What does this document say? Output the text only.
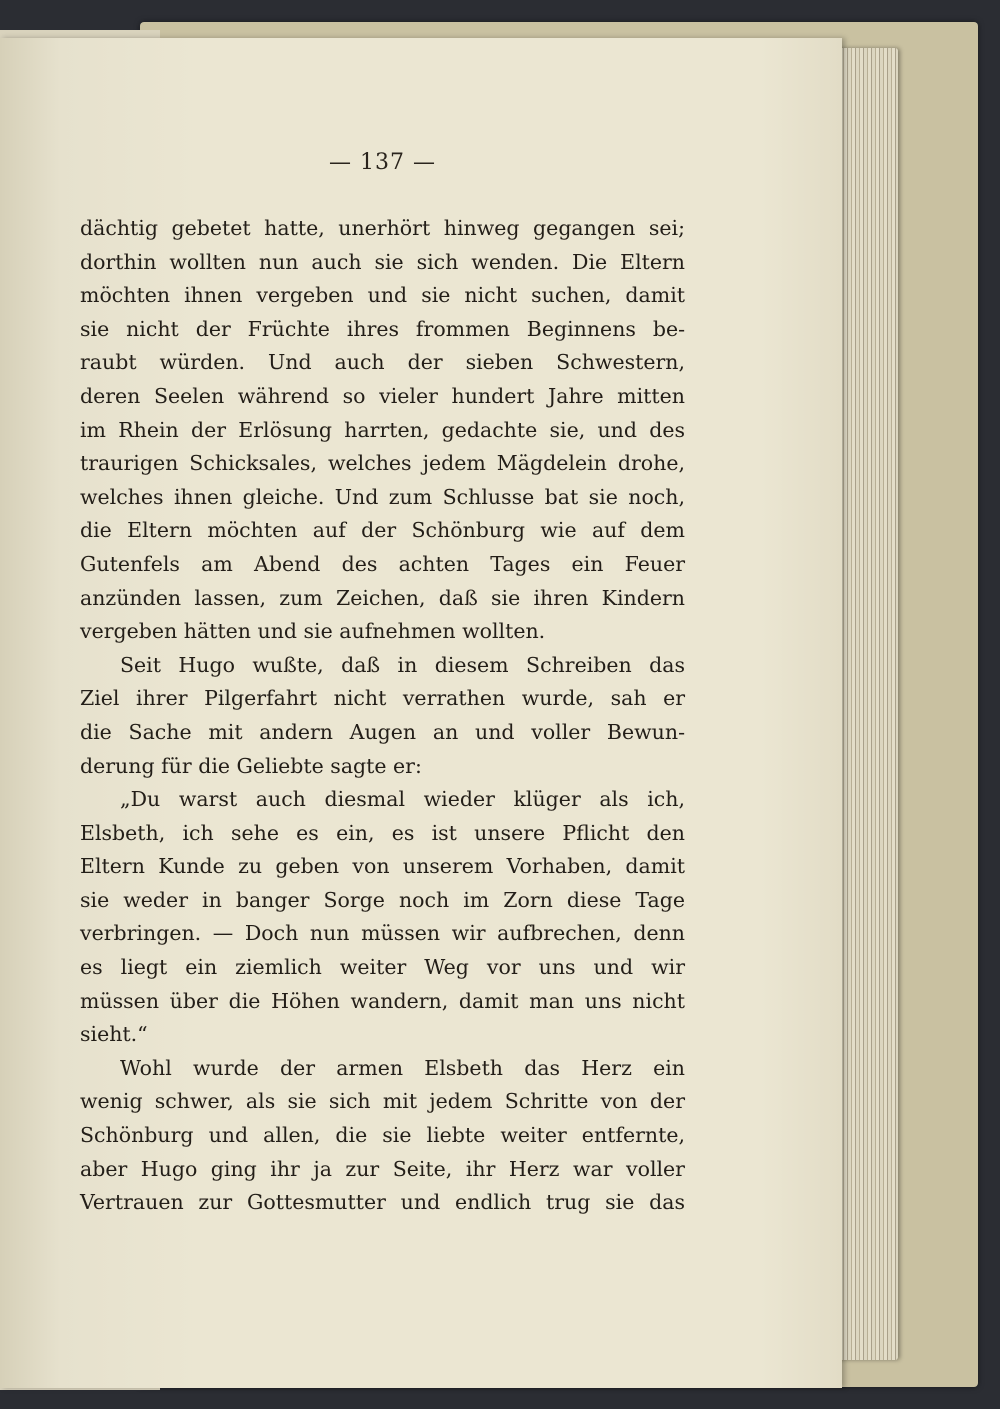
— 137 —
dächtig gebetet hatte, unerhört hinweg gegangen sei;
dorthin wollten nun auch sie sich wenden. Die Eltern
möchten ihnen vergeben und sie nicht suchen, damit
sie nicht der Früchte ihres frommen Beginnens be-
raubt würden. Und auch der sieben Schwestern,
deren Seelen während so vieler hundert Jahre mitten
im Rhein der Erlösung harrten, gedachte sie, und des
traurigen Schicksales, welches jedem Mägdelein drohe,
welches ihnen gleiche. Und zum Schlusse bat sie noch,
die Eltern möchten auf der Schönburg wie auf dem
Gutenfels am Abend des achten Tages ein Feuer
anzünden lassen, zum Zeichen, daß sie ihren Kindern
vergeben hätten und sie aufnehmen wollten.
Seit Hugo wußte, daß in diesem Schreiben das
Ziel ihrer Pilgerfahrt nicht verrathen wurde, sah er
die Sache mit andern Augen an und voller Bewun-
derung für die Geliebte sagte er:
„Du warst auch diesmal wieder klüger als ich,
Elsbeth, ich sehe es ein, es ist unsere Pflicht den
Eltern Kunde zu geben von unserem Vorhaben, damit
sie weder in banger Sorge noch im Zorn diese Tage
verbringen. — Doch nun müssen wir aufbrechen, denn
es liegt ein ziemlich weiter Weg vor uns und wir
müssen über die Höhen wandern, damit man uns nicht
sieht.“
Wohl wurde der armen Elsbeth das Herz ein
wenig schwer, als sie sich mit jedem Schritte von der
Schönburg und allen, die sie liebte weiter entfernte,
aber Hugo ging ihr ja zur Seite, ihr Herz war voller
Vertrauen zur Gottesmutter und endlich trug sie das
